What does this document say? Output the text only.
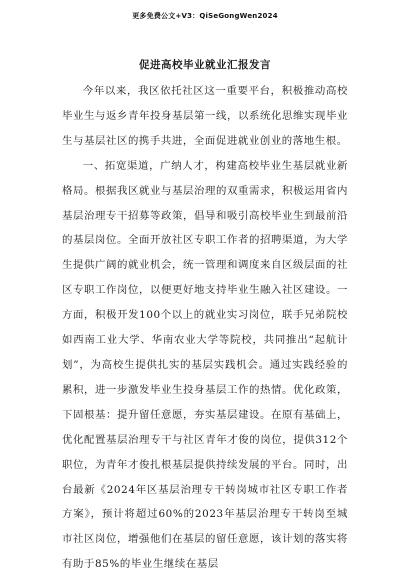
更多免费公文+V3：QiSeGongWen2024
促进高校毕业就业汇报发言

今年以来，我区依托社区这一重要平台，积极推动高校毕业生与返乡青年投身基层第一线，以系统化思维实现毕业生与基层社区的携手共进，全面促进就业创业的落地生根。

一、拓宽渠道，广纳人才，构建高校毕业生基层就业新格局。根据我区就业与基层治理的双重需求，积极运用省内基层治理专干招募等政策，倡导和吸引高校毕业生到最前沿的基层岗位。全面开放社区专职工作者的招聘渠道，为大学生提供广阔的就业机会，统一管理和调度来自区级层面的社区专职工作岗位，以便更好地支持毕业生融入社区建设。一方面，积极开发100个以上的就业实习岗位，联手兄弟院校如西南工业大学、华南农业大学等院校，共同推出“起航计划”，为高校生提供扎实的基层实践机会。通过实践经验的累积，进一步激发毕业生投身基层工作的热情。优化政策，下固根基：提升留任意愿，夯实基层建设。在原有基础上，优化配置基层治理专干与社区青年才俊的岗位，提供312个职位，为青年才俊扎根基层提供持续发展的平台。同时，出台最新《2024年区基层治理专干转岗城市社区专职工作者方案》，预计将超过60%的2023年基层治理专干转岗至城市社区岗位，增强他们在基层的留任意愿，该计划的落实将有助于85%的毕业生继续在基层
